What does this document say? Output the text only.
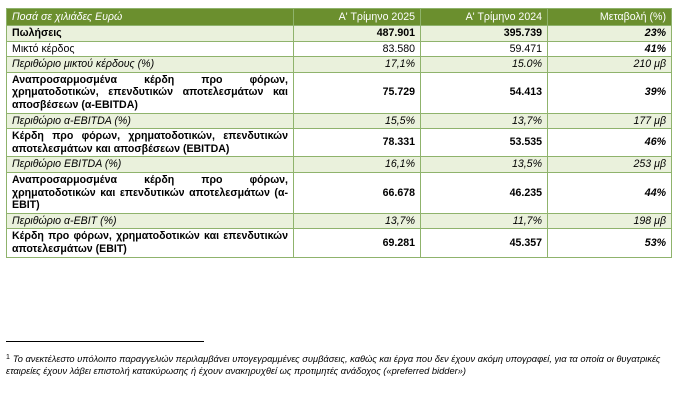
Ποσά σε χιλιάδες Ευρώ	Α' Τρίμηνο 2025	Α' Τρίμηνο 2024	Μεταβολή (%)
Πωλήσεις	487.901	395.739	23%
Μικτό κέρδος	83.580	59.471	41%
Περιθώριο μικτού κέρδους (%)	17,1%	15.0%	210 μβ
Αναπροσαρμοσμένα κέρδη προ φόρων, χρηματοδοτικών, επενδυτικών αποτελεσμάτων και αποσβέσεων (α-EBITDA)	75.729	54.413	39%
Περιθώριο α-EBITDA (%)	15,5%	13,7%	177 μβ
Κέρδη προ φόρων, χρηματοδοτικών, επενδυτικών αποτελεσμάτων και αποσβέσεων (EBITDA)	78.331	53.535	46%
Περιθώριο EBITDA (%)	16,1%	13,5%	253 μβ
Αναπροσαρμοσμένα κέρδη προ φόρων, χρηματοδοτικών και επενδυτικών αποτελεσμάτων (α-EBIT)	66.678	46.235	44%
Περιθώριο α-EBIT (%)	13,7%	11,7%	198 μβ
Κέρδη προ φόρων, χρηματοδοτικών και επενδυτικών αποτελεσμάτων (EBIT)	69.281	45.357	53%

$^1$ Το ανεκτέλεστο υπόλοιπο παραγγελιών περιλαμβάνει υπογεγραμμένες συμβάσεις, καθώς και έργα που δεν έχουν ακόμη υπογραφεί, για τα οποία οι θυγατρικές εταιρείες έχουν λάβει επιστολή κατακύρωσης ή έχουν ανακηρυχθεί ως προτιμητές ανάδοχος («preferred bidder»)
